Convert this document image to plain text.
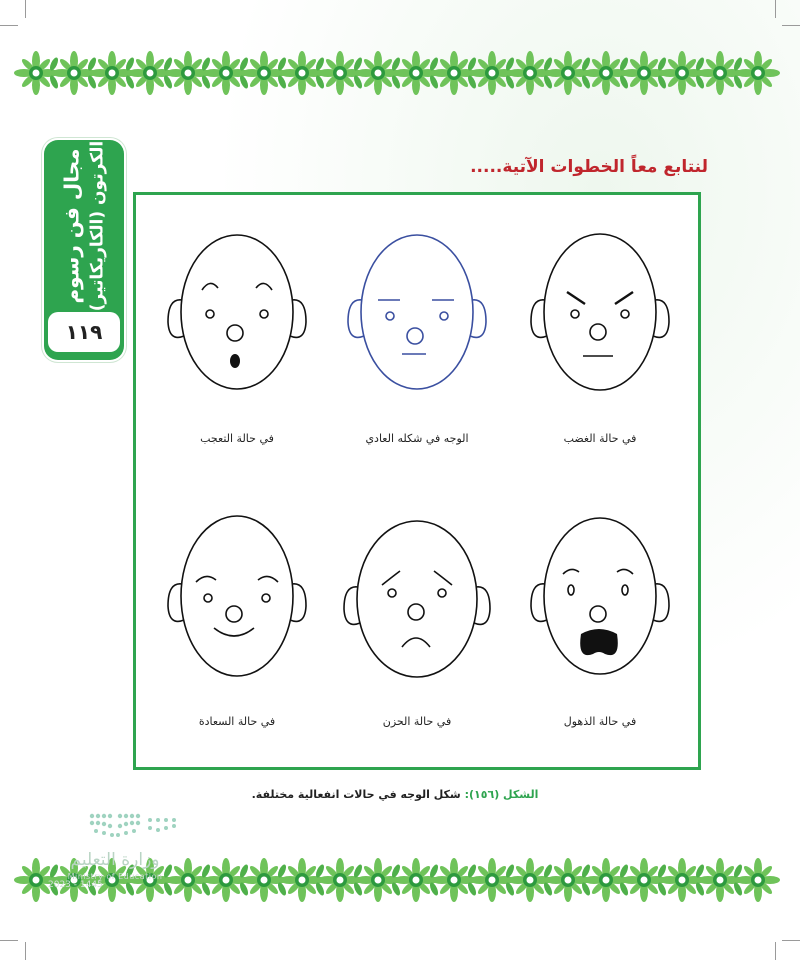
مجال فن رسوم الكرتون (الكاريكاتير)
١١٩
لنتابع معاً الخطوات الآتية.....
في حالة التعجب	الوجه في شكله العادي	في حالة الغضب
في حالة السعادة	في حالة الحزن	في حالة الذهول
الشكل (١٥٦): شكل الوجه في حالات انفعالية مختلفة.
وزارة التعليم
Ministry of Education
2023 - 1445
